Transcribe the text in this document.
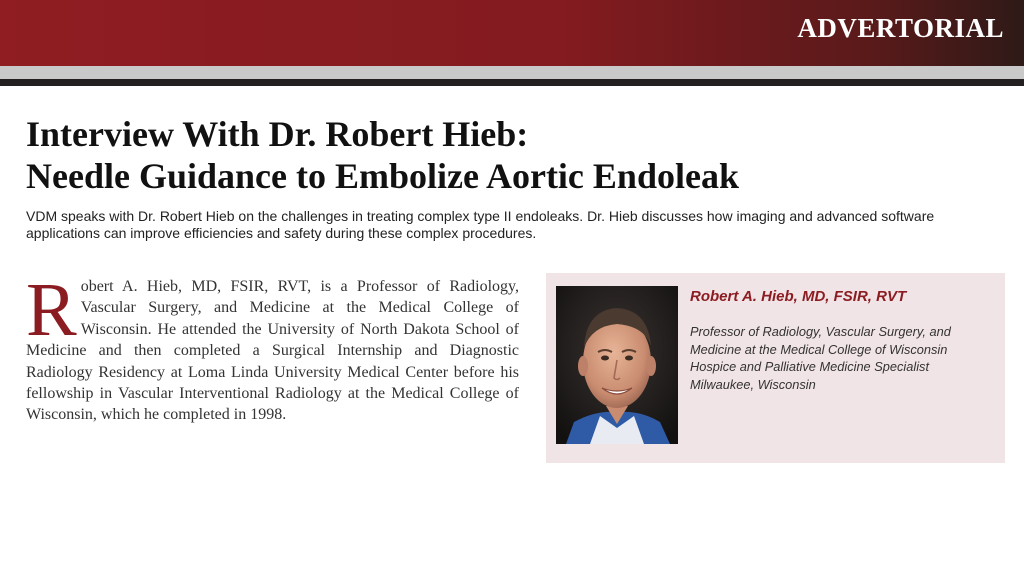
ADVERTORIAL
Interview With Dr. Robert Hieb:
Needle Guidance to Embolize Aortic Endoleak

VDM speaks with Dr. Robert Hieb on the challenges in treating complex type II endoleaks. Dr. Hieb discusses how imaging and advanced software applications can improve efficiencies and safety during these complex procedures.

Robert A. Hieb, MD, FSIR, RVT, is a Professor of Radiology, Vascular Surgery, and Medicine at the Medical College of Wisconsin. He attended the University of North Dakota School of Medicine and then completed a Surgical Internship and Diagnostic Radiology Residency at Loma Linda University Medical Center before his fellowship in Vascular Interventional Radiology at the Medical College of Wisconsin, which he completed in 1998.

Robert A. Hieb, MD, FSIR, RVT
Professor of Radiology, Vascular Surgery, and Medicine at the Medical College of Wisconsin
Hospice and Palliative Medicine Specialist
Milwaukee, Wisconsin
